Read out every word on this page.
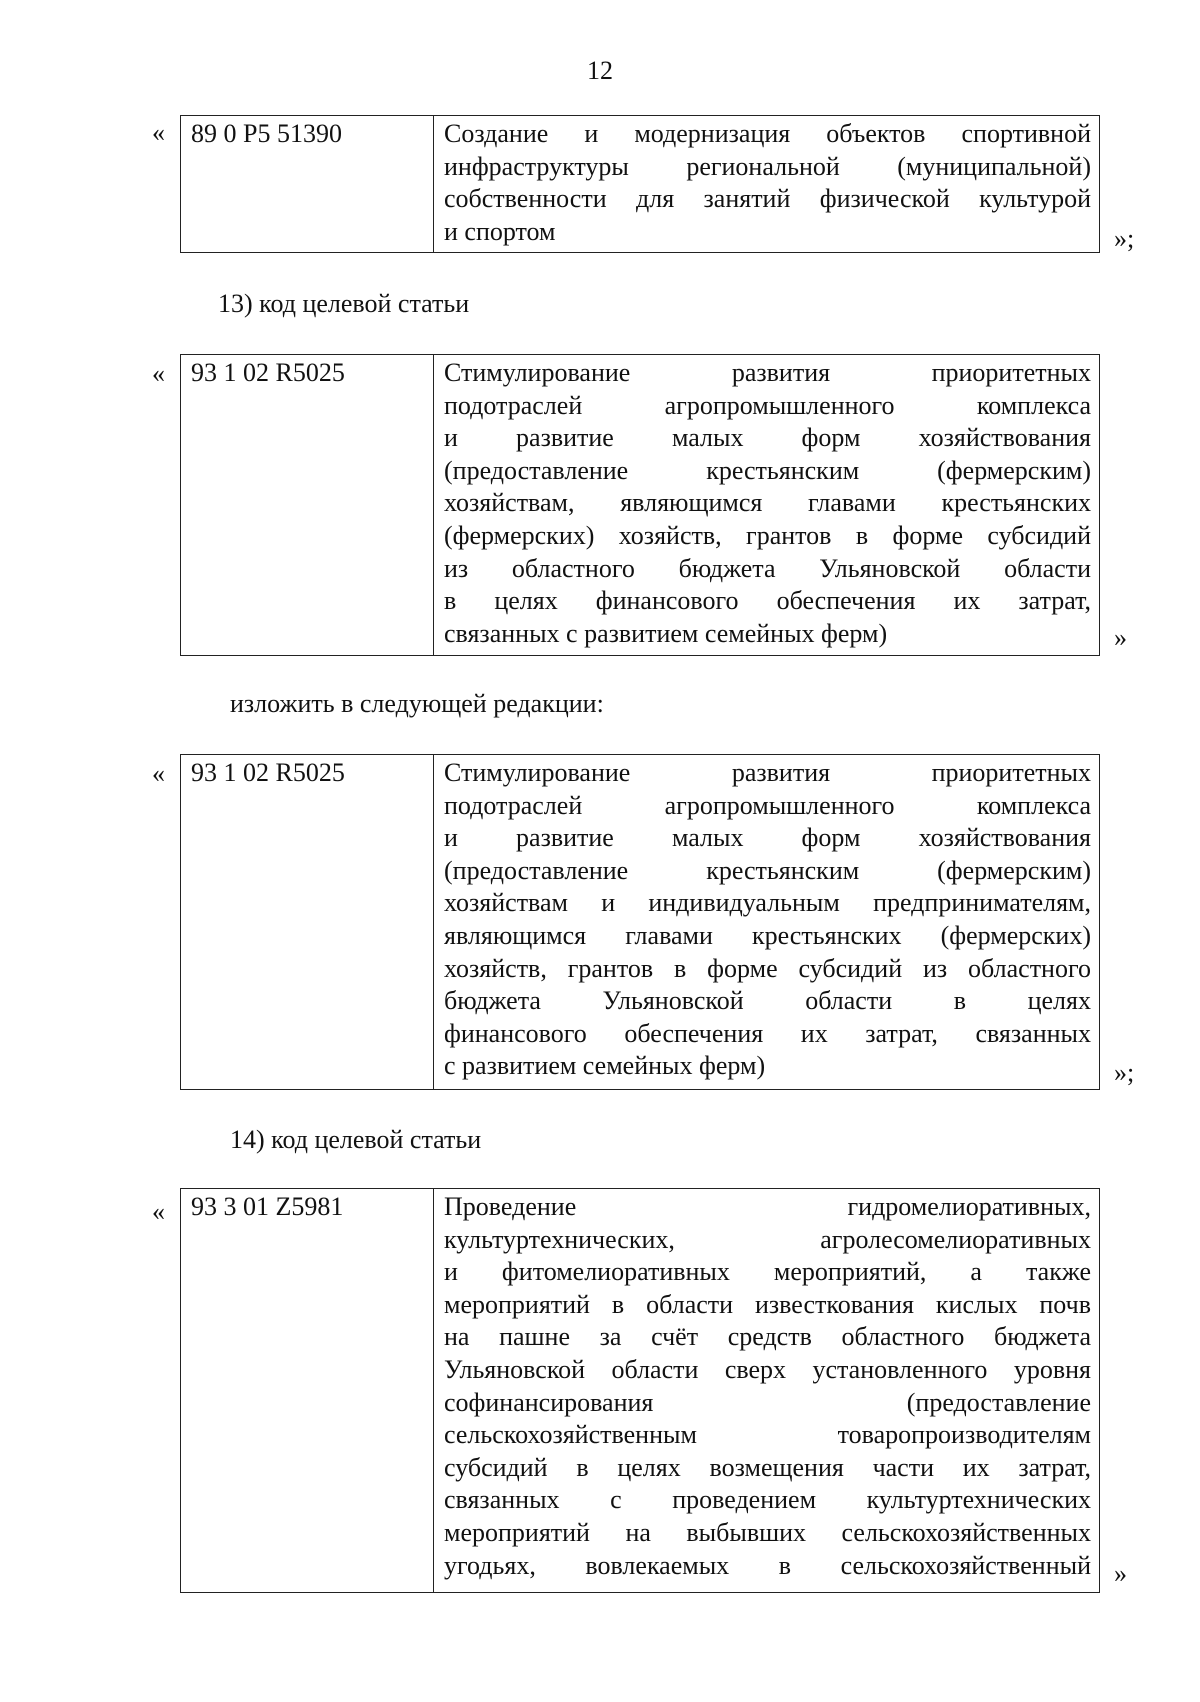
12
«	89 0 P5 51390	Создание и модернизация объектов спортивной
инфраструктуры региональной (муниципальной)
собственности для занятий физической культурой
и спортом	»;
13) код целевой статьи
«	93 1 02 R5025	Стимулирование развития приоритетных
подотраслей агропромышленного комплекса
и развитие малых форм хозяйствования
(предоставление крестьянским (фермерским)
хозяйствам, являющимся главами крестьянских
(фермерских) хозяйств, грантов в форме субсидий
из областного бюджета Ульяновской области
в целях финансового обеспечения их затрат,
связанных с развитием семейных ферм)	»
изложить в следующей редакции:
«	93 1 02 R5025	Стимулирование развития приоритетных
подотраслей агропромышленного комплекса
и развитие малых форм хозяйствования
(предоставление крестьянским (фермерским)
хозяйствам и индивидуальным предпринимателям,
являющимся главами крестьянских (фермерских)
хозяйств, грантов в форме субсидий из областного
бюджета Ульяновской области в целях
финансового обеспечения их затрат, связанных
с развитием семейных ферм)	»;
14) код целевой статьи
«	93 3 01 Z5981	Проведение гидромелиоративных,
культуртехнических, агролесомелиоративных
и фитомелиоративных мероприятий, а также
мероприятий в области известкования кислых почв
на пашне за счёт средств областного бюджета
Ульяновской области сверх установленного уровня
софинансирования (предоставление
сельскохозяйственным товаропроизводителям
субсидий в целях возмещения части их затрат,
связанных с проведением культуртехнических
мероприятий на выбывших сельскохозяйственных
угодьях, вовлекаемых в сельскохозяйственный »
